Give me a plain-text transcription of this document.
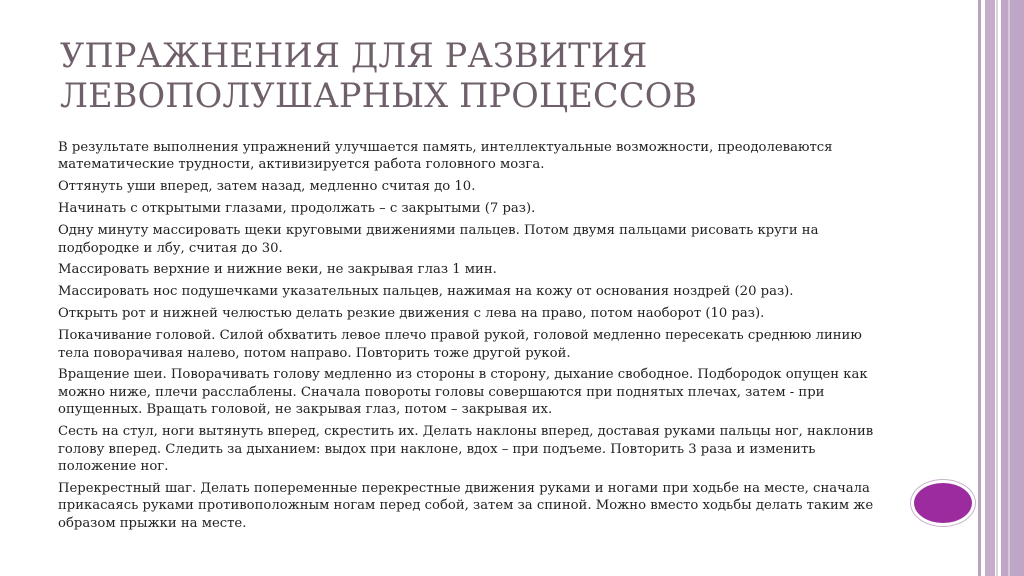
УПРАЖНЕНИЯ ДЛЯ РАЗВИТИЯ
ЛЕВОПОЛУШАРНЫХ ПРОЦЕССОВ

В результате выполнения упражнений улучшается память, интеллектуальные возможности, преодолеваются математические трудности, активизируется работа головного мозга.

Оттянуть уши вперед, затем назад, медленно считая до 10.

Начинать с открытыми глазами, продолжать – с закрытыми (7 раз).

Одну минуту массировать щеки круговыми движениями пальцев. Потом двумя пальцами рисовать круги на подбородке и лбу, считая до 30.

Массировать верхние и нижние веки, не закрывая глаз 1 мин.

Массировать нос подушечками указательных пальцев, нажимая на кожу от основания ноздрей (20 раз).

Открыть рот и нижней челюстью делать резкие движения с лева на право, потом наоборот (10 раз).

Покачивание головой. Силой обхватить левое плечо правой рукой, головой медленно пересекать среднюю линию тела поворачивая налево, потом направо. Повторить тоже другой рукой.

Вращение шеи. Поворачивать голову медленно из стороны в сторону, дыхание свободное. Подбородок опущен как можно ниже, плечи расслаблены. Сначала повороты головы совершаются при поднятых плечах, затем - при опущенных. Вращать головой, не закрывая глаз, потом – закрывая их.

Сесть на стул, ноги вытянуть вперед, скрестить их. Делать наклоны вперед, доставая руками пальцы ног, наклонив голову вперед. Следить за дыханием: выдох при наклоне, вдох – при подъеме. Повторить 3 раза и изменить положение ног.

Перекрестный шаг. Делать попеременные перекрестные движения руками и ногами при ходьбе на месте, сначала прикасаясь руками противоположным ногам перед собой, затем за спиной. Можно вместо ходьбы делать таким же образом прыжки на месте.
